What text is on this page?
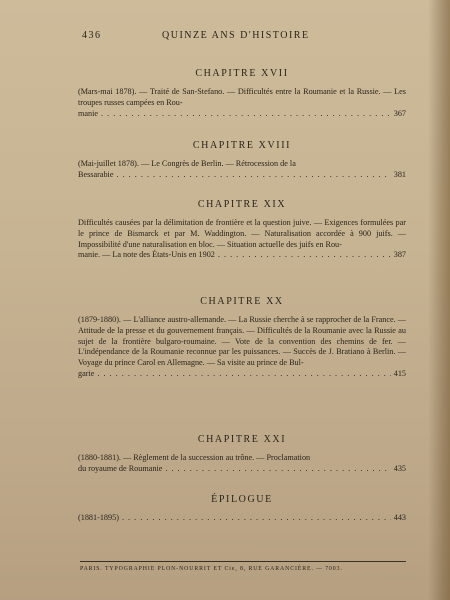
436	QUINZE ANS D'HISTOIRE
CHAPITRE XVII
(Mars-mai 1878). — Traité de San-Stefano. — Difficultés entre la Roumanie et la Russie. — Les troupes russes campées en Rou-
manie . . .	367
CHAPITRE XVIII
(Mai-juillet 1878). — Le Congrès de Berlin. — Rétrocession de la
Bessarabie . . .	381
CHAPITRE XIX
Difficultés causées par la délimitation de frontière et la question juive. — Exigences formulées par le prince de Bismarck et par M. Waddington. — Naturalisation accordée à 900 juifs. — Impossibilité d'une naturalisation en bloc. — Situation actuelle des juifs en Rou-
manie. — La note des États-Unis en 1902 . . .	387
CHAPITRE XX
(1879-1880). — L'alliance austro-allemande. — La Russie cherche à se rapprocher de la France. — Attitude de la presse et du gouvernement français. — Difficultés de la Roumanie avec la Russie au sujet de la frontière bulgaro-roumaine. — Vote de la convention des chemins de fer. — L'indépendance de la Roumanie reconnue par les puissances. — Succès de J. Bratiano à Berlin. — Voyage du prince Carol en Allemagne. — Sa visite au prince de Bul-
garie . . .	415
CHAPITRE XXI
(1880-1881). — Règlement de la succession au trône. — Proclamation
du royaume de Roumanie . . .	435
ÉPILOGUE
(1881-1895) . . .	443
PARIS. TYPOGRAPHIE PLON-NOURRIT ET Cie, 8, RUE GARANCIÈRE. — 7003.
